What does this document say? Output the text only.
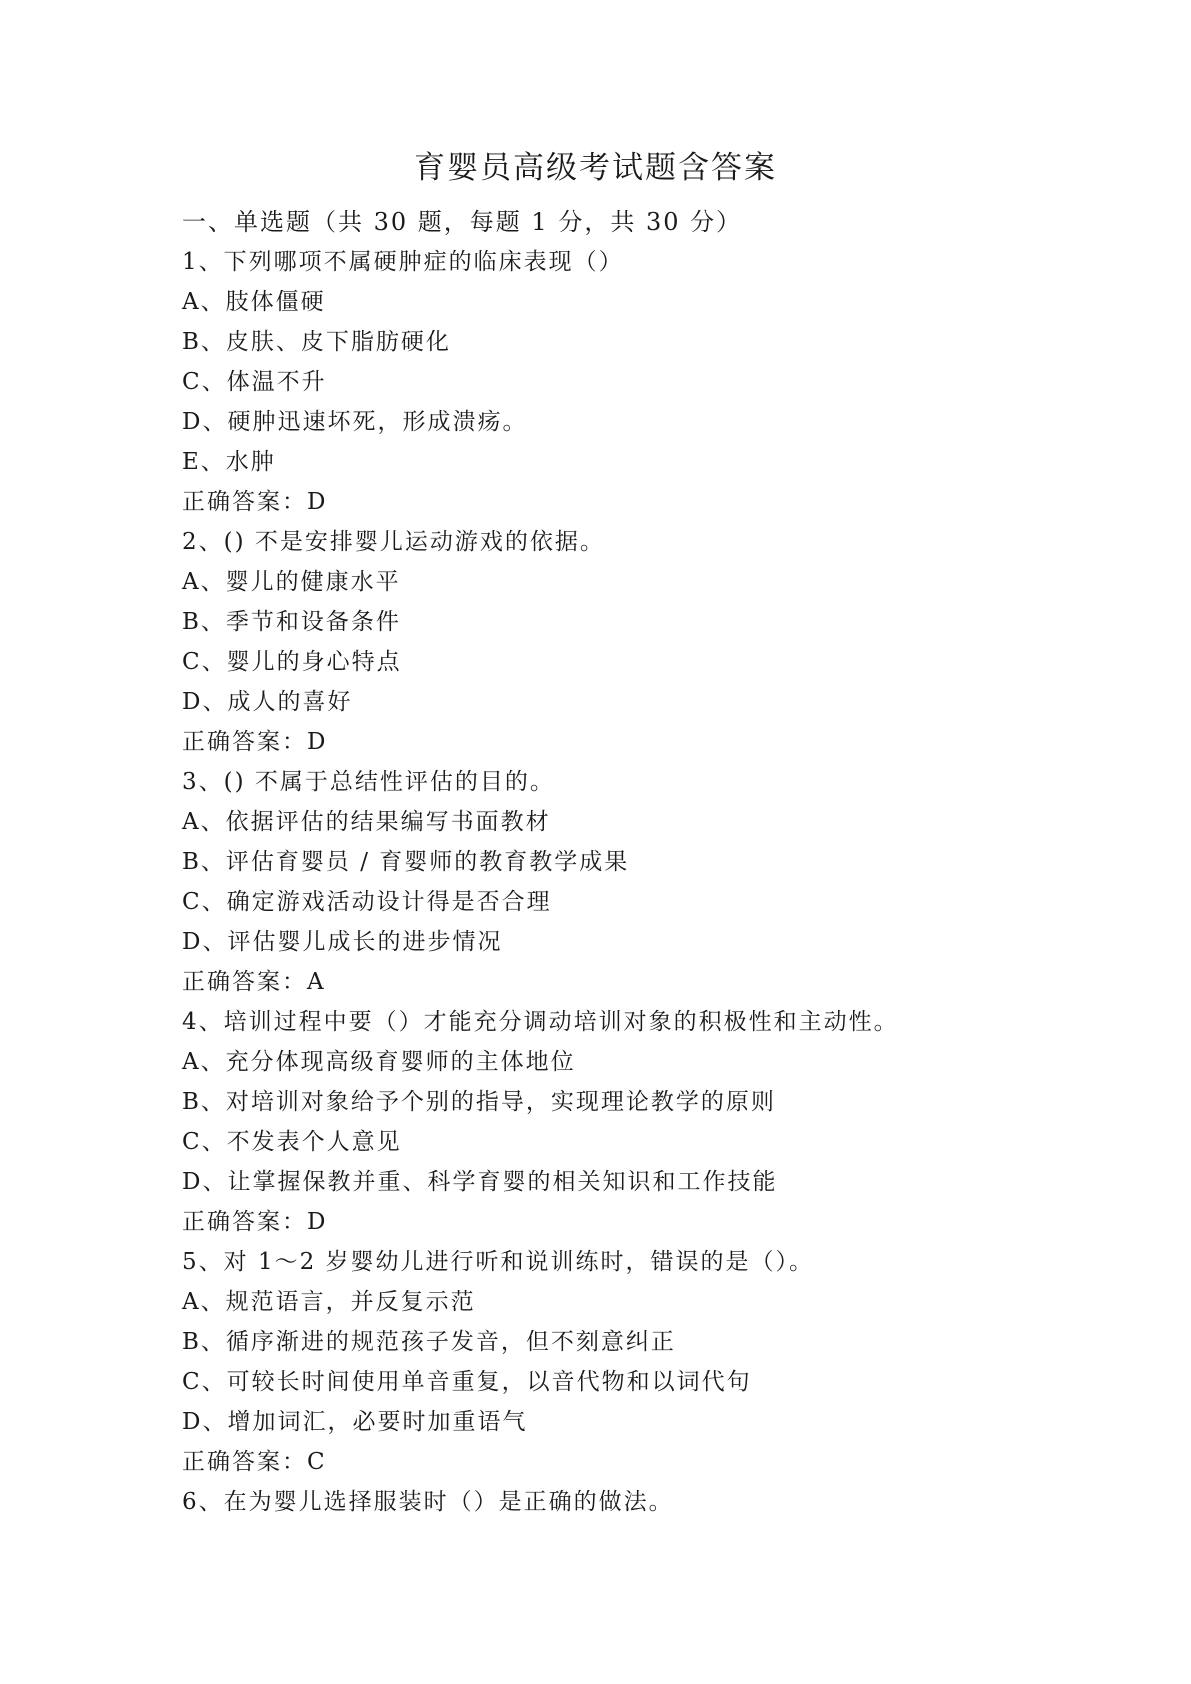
育婴员高级考试题含答案
一、单选题（共 30 题，每题 1 分，共 30 分）
1、下列哪项不属硬肿症的临床表现（）
A、肢体僵硬
B、皮肤、皮下脂肪硬化
C、体温不升
D、硬肿迅速坏死，形成溃疡。
E、水肿
正确答案：D
2、() 不是安排婴儿运动游戏的依据。
A、婴儿的健康水平
B、季节和设备条件
C、婴儿的身心特点
D、成人的喜好
正确答案：D
3、() 不属于总结性评估的目的。
A、依据评估的结果编写书面教材
B、评估育婴员 / 育婴师的教育教学成果
C、确定游戏活动设计得是否合理
D、评估婴儿成长的进步情况
正确答案：A
4、培训过程中要（）才能充分调动培训对象的积极性和主动性。
A、充分体现高级育婴师的主体地位
B、对培训对象给予个别的指导，实现理论教学的原则
C、不发表个人意见
D、让掌握保教并重、科学育婴的相关知识和工作技能
正确答案：D
5、对 1～2 岁婴幼儿进行听和说训练时，错误的是（）。
A、规范语言，并反复示范
B、循序渐进的规范孩子发音，但不刻意纠正
C、可较长时间使用单音重复，以音代物和以词代句
D、增加词汇，必要时加重语气
正确答案：C
6、在为婴儿选择服装时（）是正确的做法。
